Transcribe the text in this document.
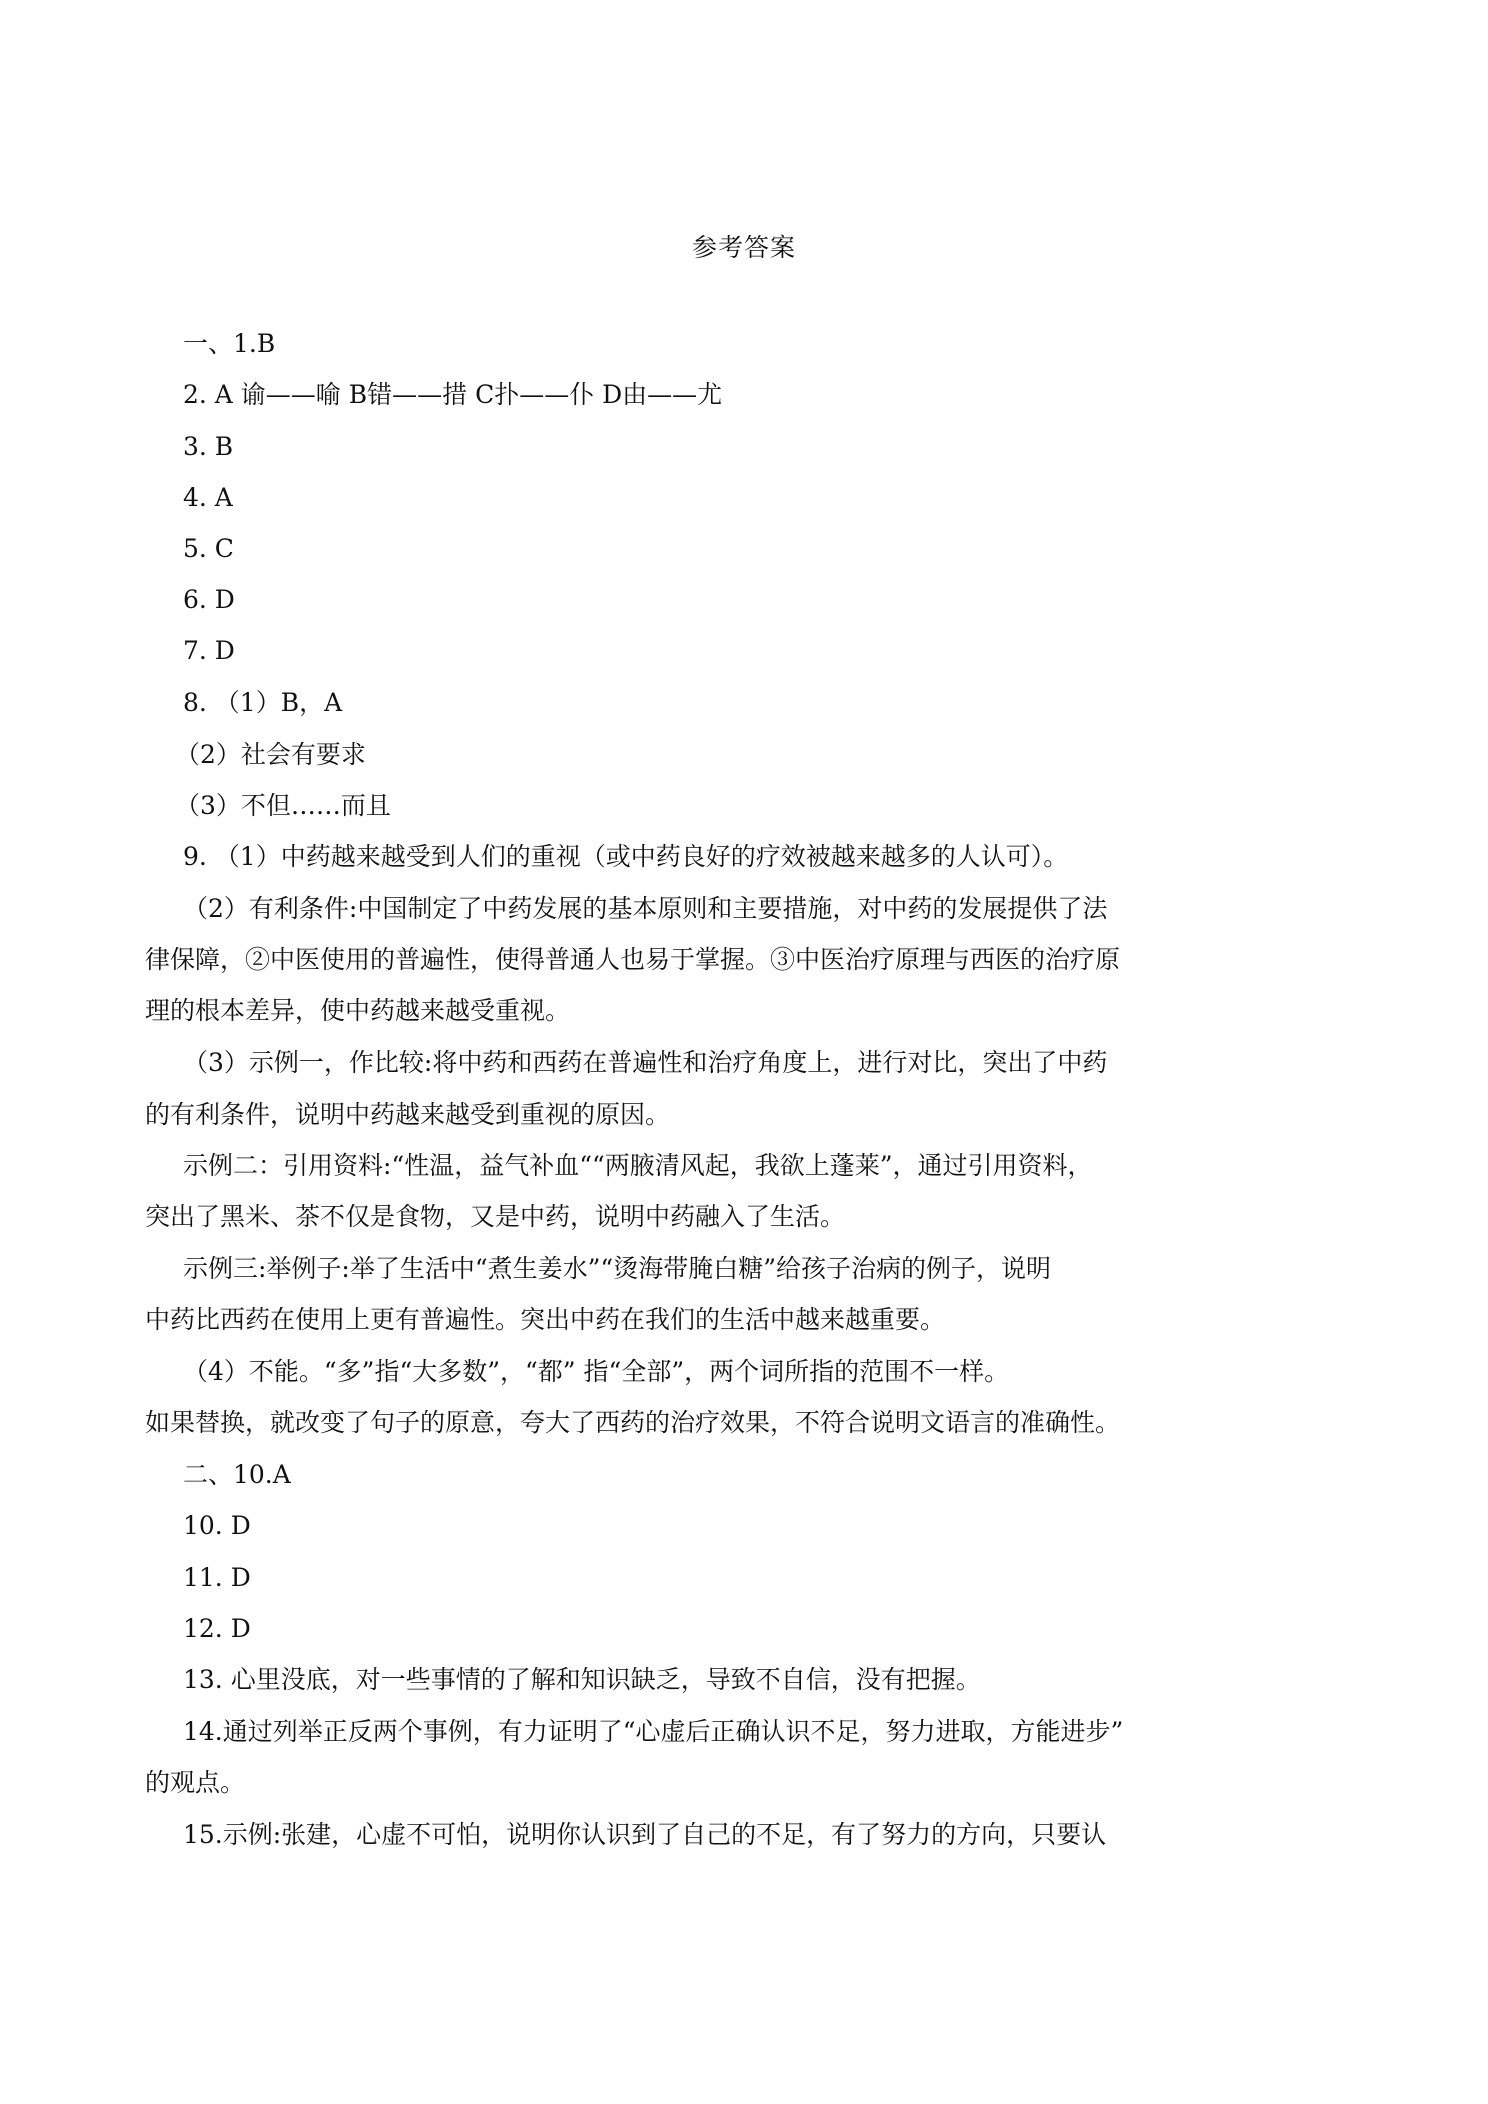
参考答案
一、1.B
2. A 谕——喻 B错——措 C扑——仆 D由——尤
3. B
4. A
5. C
6. D
7. D
8. （1）B，A
（2）社会有要求
（3）不但……而且
9. （1）中药越来越受到人们的重视（或中药良好的疗效被越来越多的人认可）。
（2）有利条件:中国制定了中药发展的基本原则和主要措施，对中药的发展提供了法
律保障，②中医使用的普遍性，使得普通人也易于掌握。③中医治疗原理与西医的治疗原
理的根本差异，使中药越来越受重视。
（3）示例一，作比较:将中药和西药在普遍性和治疗角度上，进行对比，突出了中药
的有利条件，说明中药越来越受到重视的原因。
示例二：引用资料:“性温，益气补血““两腋清风起，我欲上蓬莱”，通过引用资料，
突出了黑米、茶不仅是食物，又是中药，说明中药融入了生活。
示例三:举例子:举了生活中“煮生姜水”“烫海带腌白糖”给孩子治病的例子，说明
中药比西药在使用上更有普遍性。突出中药在我们的生活中越来越重要。
（4）不能。“多”指“大多数”，“都” 指“全部”，两个词所指的范围不一样。
如果替换，就改变了句子的原意，夸大了西药的治疗效果，不符合说明文语言的准确性。
二、10.A
10. D
11. D
12. D
13. 心里没底，对一些事情的了解和知识缺乏，导致不自信，没有把握。
14.通过列举正反两个事例，有力证明了“心虚后正确认识不足，努力进取，方能进步”
的观点。
15.示例:张建，心虚不可怕，说明你认识到了自己的不足，有了努力的方向，只要认
